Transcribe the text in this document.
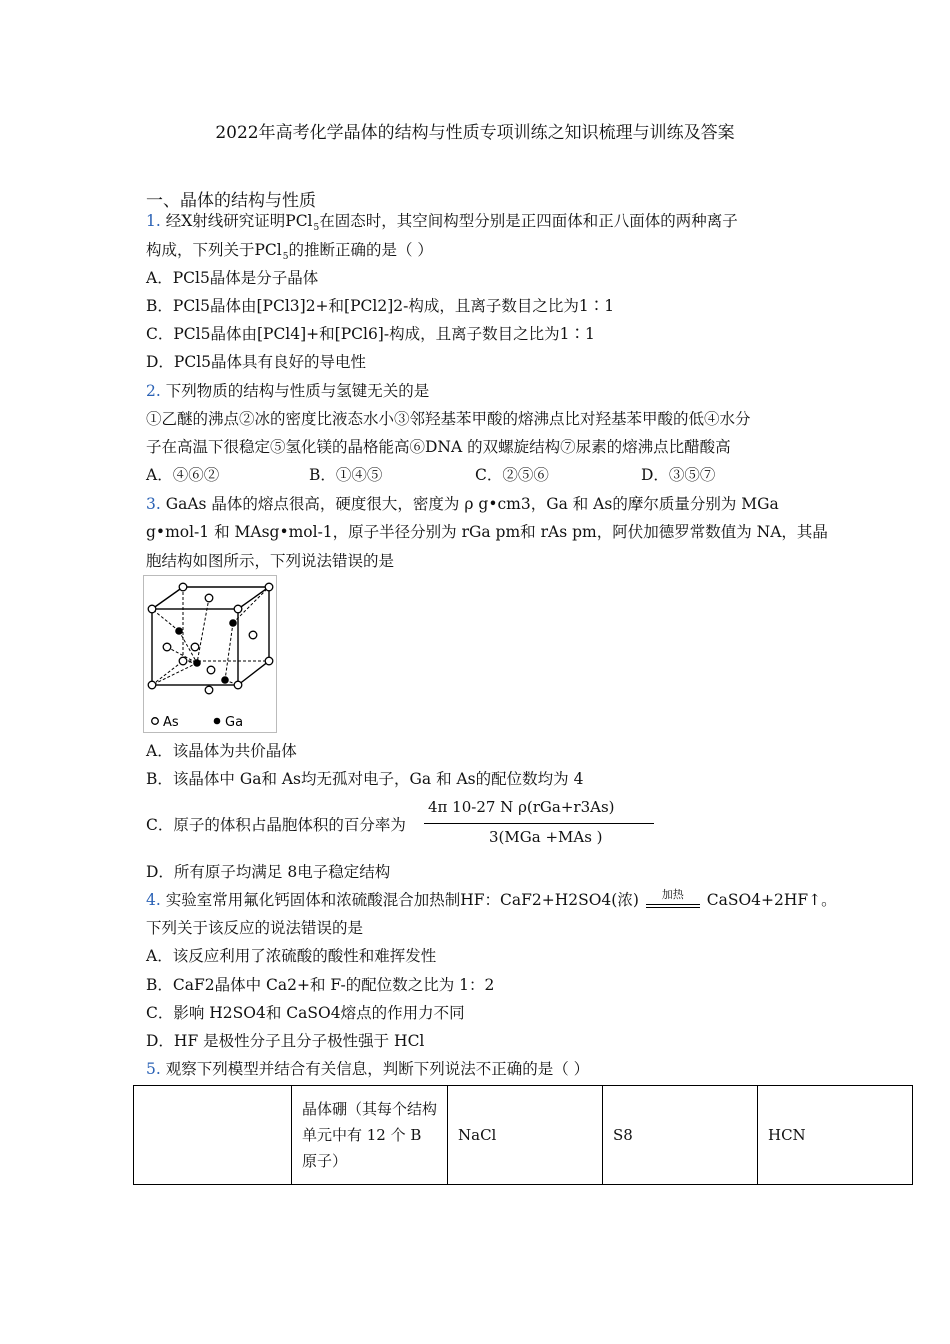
2022年高考化学晶体的结构与性质专项训练之知识梳理与训练及答案
一、晶体的结构与性质
1. 经X射线研究证明PCl$_5$在固态时，其空间构型分别是正四面体和正八面体的两种离子
构成，下列关于PCl$_5$的推断正确的是（ ）
A．PCl5晶体是分子晶体
B．PCl5晶体由[PCl3]2+和[PCl2]2-构成，且离子数目之比为1∶1
C．PCl5晶体由[PCl4]+和[PCl6]-构成，且离子数目之比为1∶1
D．PCl5晶体具有良好的导电性
2. 下列物质的结构与性质与氢键无关的是
①乙醚的沸点②冰的密度比液态水小③邻羟基苯甲酸的熔沸点比对羟基苯甲酸的低④水分
子在高温下很稳定⑤氢化镁的晶格能高⑥DNA 的双螺旋结构⑦尿素的熔沸点比醋酸高
A．④⑥②	B．①④⑤	C．②⑤⑥	D．③⑤⑦
3. GaAs 晶体的熔点很高，硬度很大，密度为 ρ g•cm3，Ga 和 As的摩尔质量分别为 MGa
g•mol-1 和 MAsg•mol-1，原子半径分别为 rGa pm和 rAs pm，阿伏加德罗常数值为 NA，其晶
胞结构如图所示，下列说法错误的是
As	Ga
A．该晶体为共价晶体
B．该晶体中 Ga和 As均无孤对电子，Ga 和 As的配位数均为 4
C．原子的体积占晶胞体积的百分率为
4π 10-27 N ρ(rGa+r3As)
3(MGa +MAs )
D．所有原子均满足 8电子稳定结构
4. 实验室常用氟化钙固体和浓硫酸混合加热制HF：CaF2+H2SO4(浓) $^{加热}$ CaSO4+2HF↑。
下列关于该反应的说法错误的是
A．该反应利用了浓硫酸的酸性和难挥发性
B．CaF2晶体中 Ca2+和 F-的配位数之比为 1：2
C．影响 H2SO4和 CaSO4熔点的作用力不同
D．HF 是极性分子且分子极性强于 HCl
5. 观察下列模型并结合有关信息，判断下列说法不正确的是（ ）
	晶体硼（其每个结构单元中有 12 个 B 原子）	NaCl	S8	HCN
